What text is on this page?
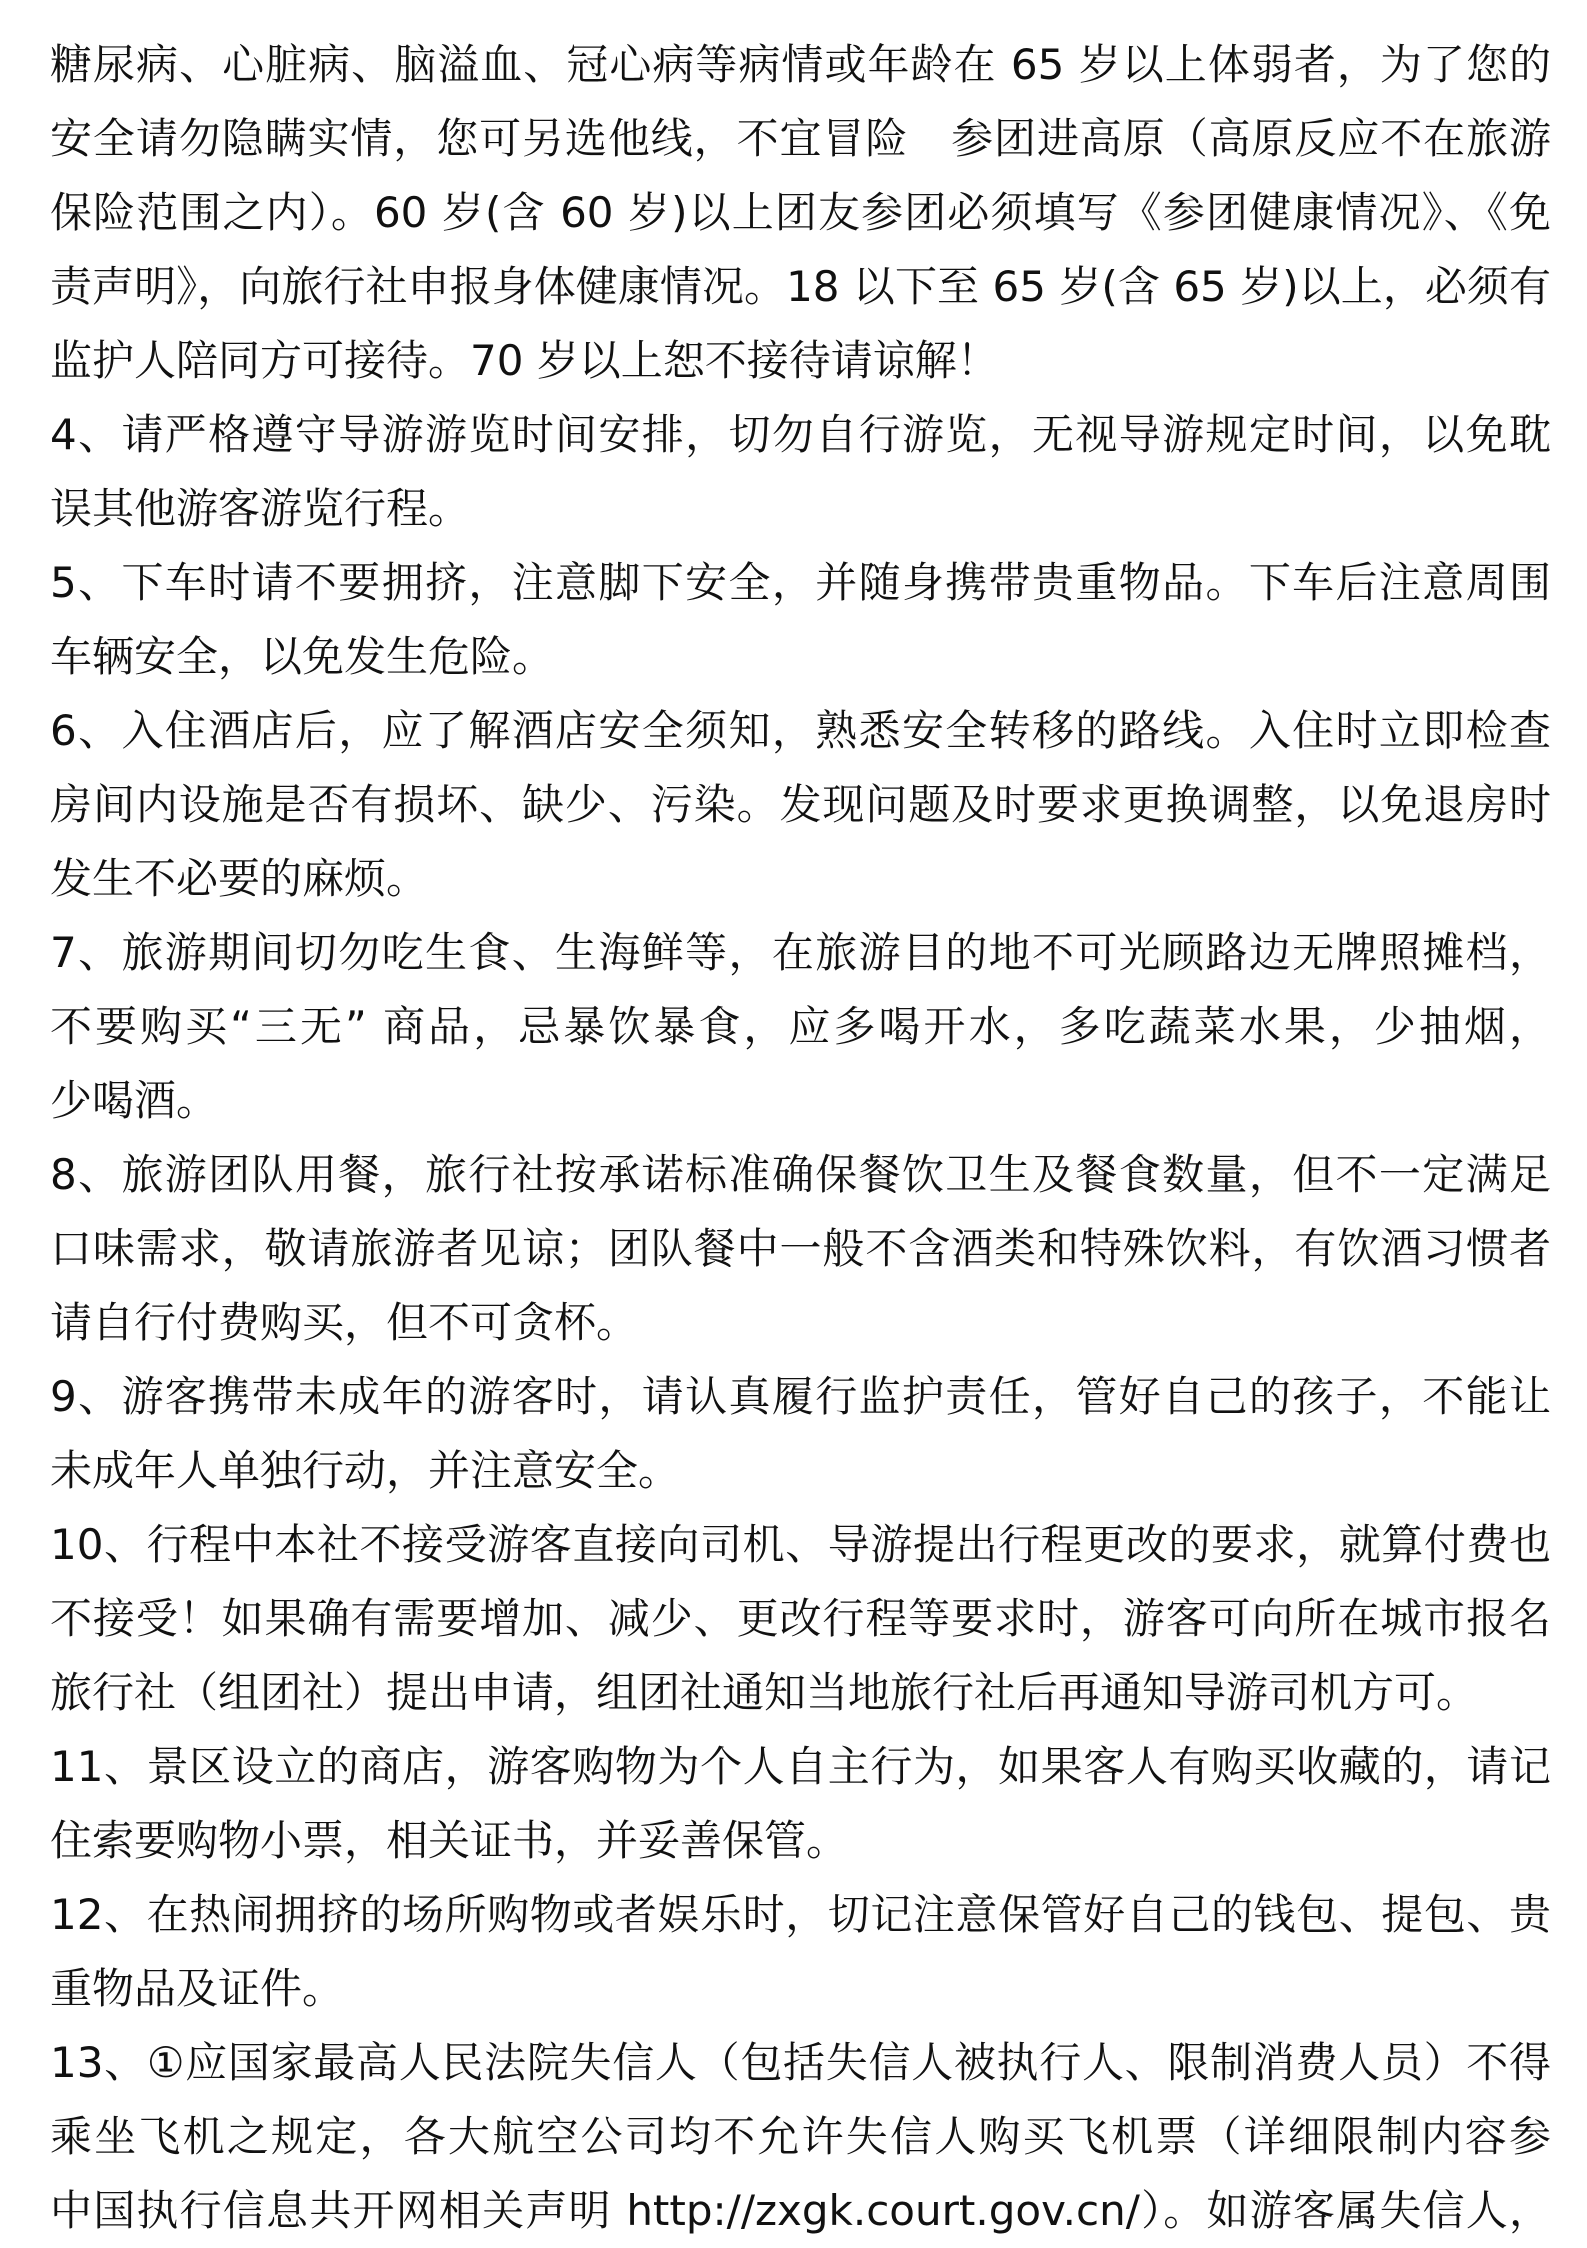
糖尿病、心脏病、脑溢血、冠心病等病情或年龄在 65 岁以上体弱者，为了您的
安全请勿隐瞒实情，您可另选他线，不宜冒险　参团进高原（高原反应不在旅游
保险范围之内）。60 岁(含 60 岁)以上团友参团必须填写《参团健康情况》、《免
责声明》，向旅行社申报身体健康情况。18 以下至 65 岁(含 65 岁)以上，必须有
监护人陪同方可接待。70 岁以上恕不接待请谅解！
4、请严格遵守导游游览时间安排，切勿自行游览，无视导游规定时间，以免耽
误其他游客游览行程。
5、下车时请不要拥挤，注意脚下安全，并随身携带贵重物品。下车后注意周围
车辆安全，以免发生危险。
6、入住酒店后，应了解酒店安全须知，熟悉安全转移的路线。入住时立即检查
房间内设施是否有损坏、缺少、污染。发现问题及时要求更换调整，以免退房时
发生不必要的麻烦。
7、旅游期间切勿吃生食、生海鲜等，在旅游目的地不可光顾路边无牌照摊档，
不要购买“三无” 商品，忌暴饮暴食，应多喝开水，多吃蔬菜水果，少抽烟，
少喝酒。
8、旅游团队用餐，旅行社按承诺标准确保餐饮卫生及餐食数量，但不一定满足
口味需求，敬请旅游者见谅；团队餐中一般不含酒类和特殊饮料，有饮酒习惯者
请自行付费购买，但不可贪杯。
9、游客携带未成年的游客时，请认真履行监护责任，管好自己的孩子，不能让
未成年人单独行动，并注意安全。
10、行程中本社不接受游客直接向司机、导游提出行程更改的要求，就算付费也
不接受！如果确有需要增加、减少、更改行程等要求时，游客可向所在城市报名
旅行社（组团社）提出申请，组团社通知当地旅行社后再通知导游司机方可。
11、景区设立的商店，游客购物为个人自主行为，如果客人有购买收藏的，请记
住索要购物小票，相关证书，并妥善保管。
12、在热闹拥挤的场所购物或者娱乐时，切记注意保管好自己的钱包、提包、贵
重物品及证件。
13、①应国家最高人民法院失信人（包括失信人被执行人、限制消费人员）不得
乘坐飞机之规定，各大航空公司均不允许失信人购买飞机票（详细限制内容参
中国执行信息共开网相关声明 http://zxgk.court.gov.cn/）。如游客属失信人，
